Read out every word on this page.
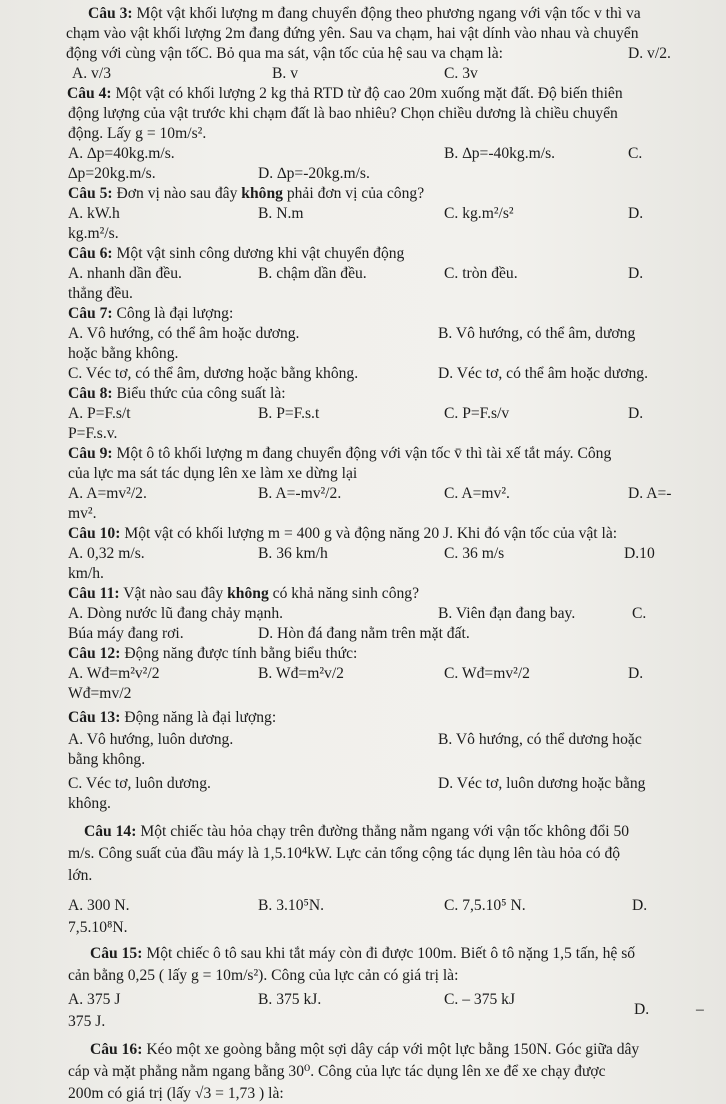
Câu 3: Một vật khối lượng m đang chuyển động theo phương ngang với vận tốc v thì va
chạm vào vật khối lượng 2m đang đứng yên. Sau va chạm, hai vật dính vào nhau và chuyển
động với cùng vận tốC. Bỏ qua ma sát, vận tốc của hệ sau va chạm là:	D. v/2.
A. v/3	B. v	C. 3v
Câu 4: Một vật có khối lượng 2 kg thả RTD từ độ cao 20m xuống mặt đất. Độ biến thiên
động lượng của vật trước khi chạm đất là bao nhiêu? Chọn chiều dương là chiều chuyển
động. Lấy g = 10m/s².
A. ∆p=40kg.m/s.	B. ∆p=-40kg.m/s.	C.
∆p=20kg.m/s.	D. ∆p=-20kg.m/s.
Câu 5: Đơn vị nào sau đây không phải đơn vị của công?
A. kW.h	B. N.m	C. kg.m²/s²	D.
kg.m²/s.
Câu 6: Một vật sinh công dương khi vật chuyển động
A. nhanh dần đều.	B. chậm dần đều.	C. tròn đều.	D.
thẳng đều.
Câu 7: Công là đại lượng:
A. Vô hướng, có thể âm hoặc dương.	B. Vô hướng, có thể âm, dương
hoặc bằng không.
C. Véc tơ, có thể âm, dương hoặc bằng không.	D. Véc tơ, có thể âm hoặc dương.
Câu 8: Biểu thức của công suất là:
A. P=F.s/t	B. P=F.s.t	C. P=F.s/v	D.
P=F.s.v.
Câu 9: Một ô tô khối lượng m đang chuyển động với vận tốc v̄ thì tài xế tắt máy. Công
của lực ma sát tác dụng lên xe làm xe dừng lại
A. A=mv²/2.	B. A=-mv²/2.	C. A=mv².	D. A=-
mv².
Câu 10: Một vật có khối lượng m = 400 g và động năng 20 J. Khi đó vận tốc của vật là:
A. 0,32 m/s.	B. 36 km/h	C. 36 m/s	D.10
km/h.
Câu 11: Vật nào sau đây không có khả năng sinh công?
A. Dòng nước lũ đang chảy mạnh.	B. Viên đạn đang bay.	C.
Búa máy đang rơi.	D. Hòn đá đang nằm trên mặt đất.
Câu 12: Động năng được tính bằng biểu thức:
A. Wđ=m²v²/2	B. Wđ=m²v/2	C. Wđ=mv²/2	D.
Wđ=mv/2
Câu 13: Động năng là đại lượng:
A. Vô hướng, luôn dương.	B. Vô hướng, có thể dương hoặc
bằng không.
C. Véc tơ, luôn dương.	D. Véc tơ, luôn dương hoặc bằng
không.
Câu 14: Một chiếc tàu hỏa chạy trên đường thẳng nằm ngang với vận tốc không đổi 50
m/s. Công suất của đầu máy là 1,5.10⁴kW. Lực cản tổng cộng tác dụng lên tàu hỏa có độ
lớn.
A. 300 N.	B. 3.10⁵N.	C. 7,5.10⁵ N.	D.
7,5.10⁸N.
Câu 15: Một chiếc ô tô sau khi tắt máy còn đi được 100m. Biết ô tô nặng 1,5 tấn, hệ số
cản bằng 0,25 ( lấy g = 10m/s²). Công của lực cản có giá trị là:
A. 375 J	B. 375 kJ.	C. – 375 kJ
D.	–
375 J.
Câu 16: Kéo một xe goòng bằng một sợi dây cáp với một lực bằng 150N. Góc giữa dây
cáp và mặt phẳng nằm ngang bằng 30⁰. Công của lực tác dụng lên xe để xe chạy được
200m có giá trị (lấy √3 = 1,73 ) là:
